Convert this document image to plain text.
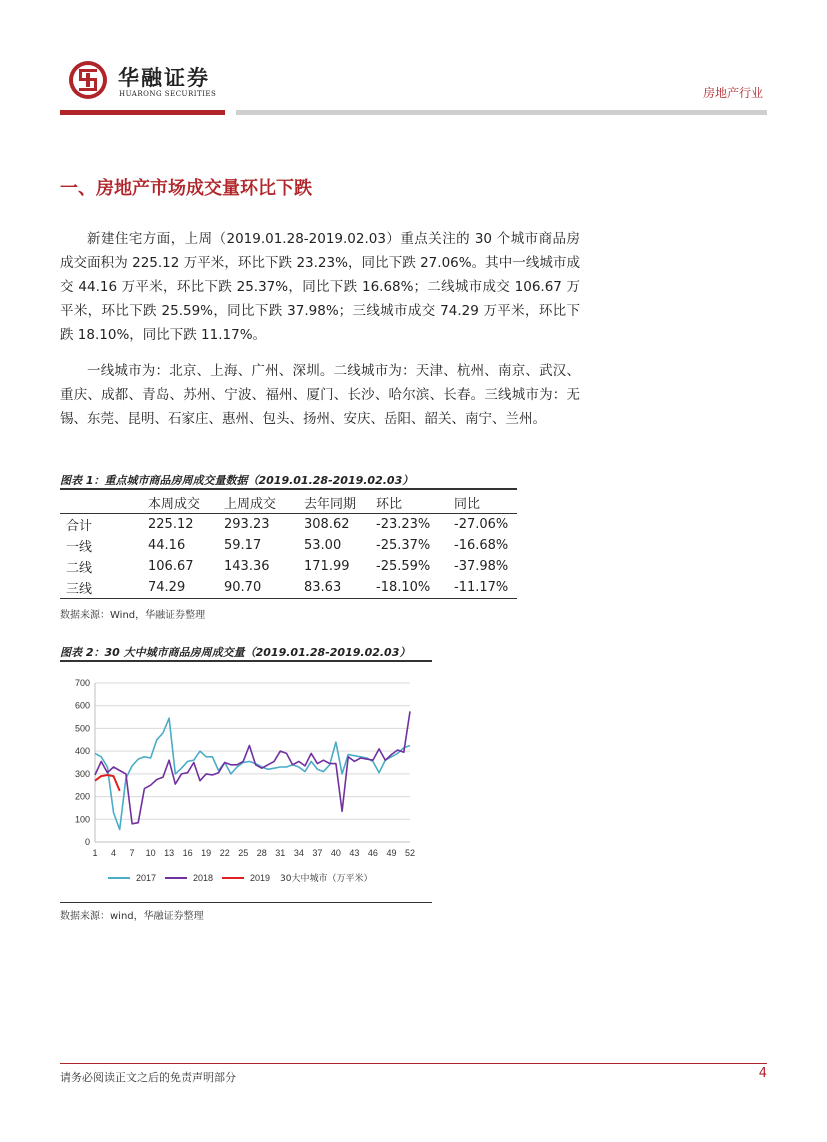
华融证券
HUARONG SECURITIES	房地产行业
一、房地产市场成交量环比下跌

新建住宅方面，上周（2019.01.28-2019.02.03）重点关注的 30 个城市商品房成交面积为 225.12 万平米，环比下跌 23.23%，同比下跌 27.06%。其中一线城市成交 44.16 万平米，环比下跌 25.37%，同比下跌 16.68%；二线城市成交 106.67 万平米，环比下跌 25.59%，同比下跌 37.98%；三线城市成交 74.29 万平米，环比下跌 18.10%，同比下跌 11.17%。

一线城市为：北京、上海、广州、深圳。二线城市为：天津、杭州、南京、武汉、重庆、成都、青岛、苏州、宁波、福州、厦门、长沙、哈尔滨、长春。三线城市为：无锡、东莞、昆明、石家庄、惠州、包头、扬州、安庆、岳阳、韶关、南宁、兰州。

图表 1：重点城市商品房周成交量数据（2019.01.28-2019.02.03）
	本周成交	上周成交	去年同期	环比	同比
合计	225.12	293.23	308.62	-23.23%	-27.06%
一线	44.16	59.17	53.00	-25.37%	-16.68%
二线	106.67	143.36	171.99	-25.59%	-37.98%
三线	74.29	90.70	83.63	-18.10%	-11.17%
数据来源：Wind，华融证券整理
图表 2：30 大中城市商品房周成交量（2019.01.28-2019.02.03）
0
100
200
300
400
500
600
700
1 4 7 10 13 16 19 22 25 28 31 34 37 40 43 46 49 52
2017	2018	2019 30大中城市（万平米）
数据来源：wind，华融证券整理
请务必阅读正文之后的免责声明部分	4
